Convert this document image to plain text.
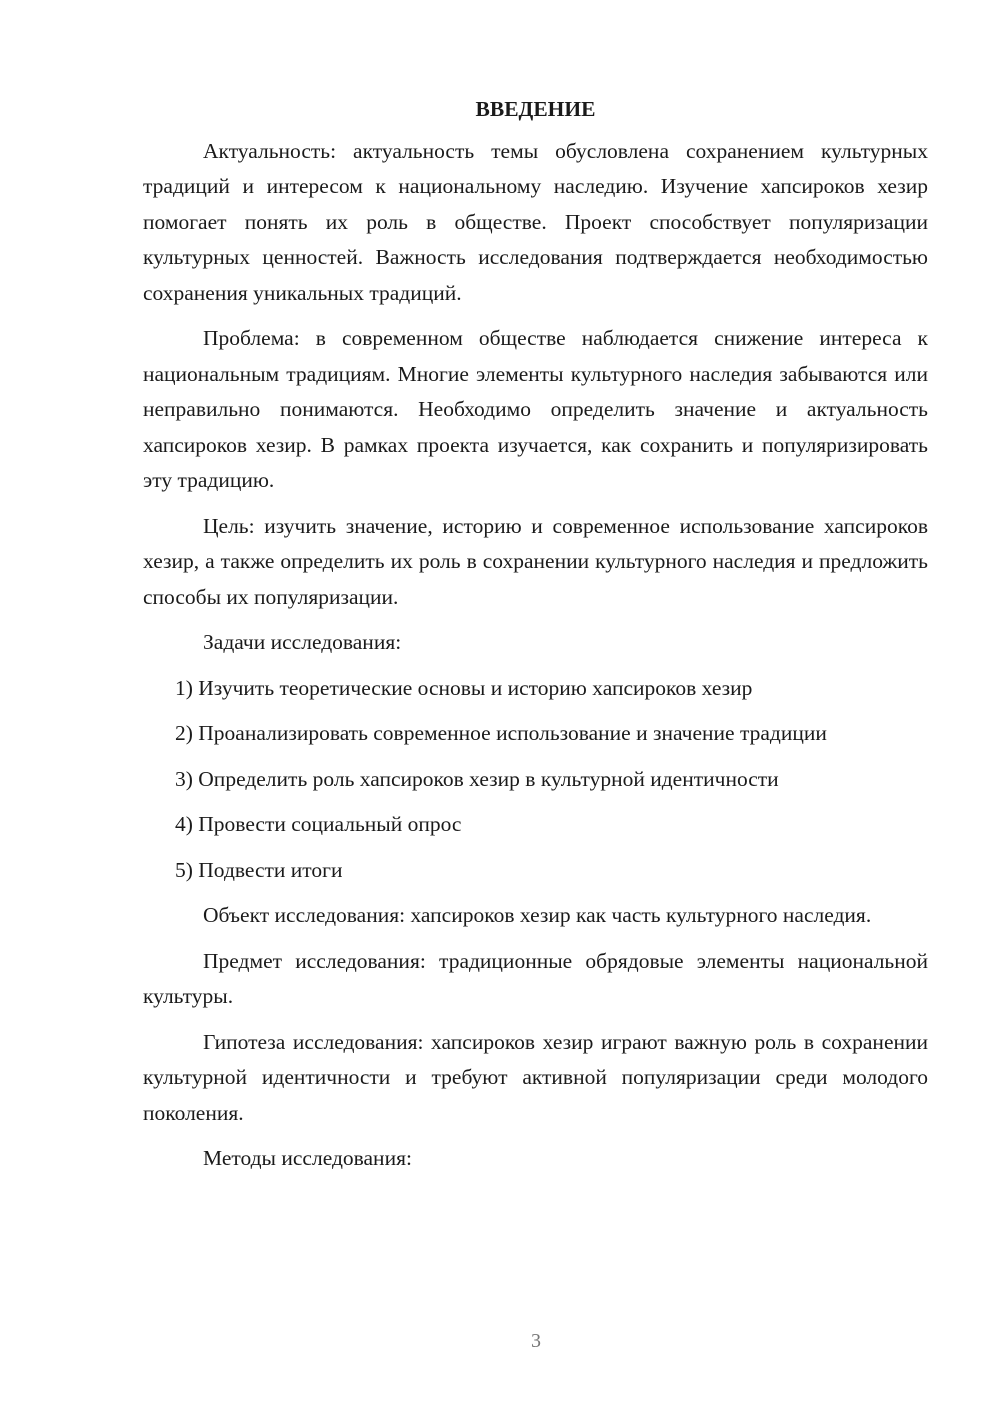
ВВЕДЕНИЕ

Актуальность: актуальность темы обусловлена сохранением культурных традиций и интересом к национальному наследию. Изучение хапсироков хезир помогает понять их роль в обществе. Проект способствует популяризации культурных ценностей. Важность исследования подтверждается необходимостью сохранения уникальных традиций.

Проблема: в современном обществе наблюдается снижение интереса к национальным традициям. Многие элементы культурного наследия забываются или неправильно понимаются. Необходимо определить значение и актуальность хапсироков хезир. В рамках проекта изучается, как сохранить и популяризировать эту традицию.

Цель: изучить значение, историю и современное использование хапсироков хезир, а также определить их роль в сохранении культурного наследия и предложить способы их популяризации.

Задачи исследования:

1) Изучить теоретические основы и историю хапсироков хезир

2) Проанализировать современное использование и значение традиции

3) Определить роль хапсироков хезир в культурной идентичности

4) Провести социальный опрос

5) Подвести итоги

Объект исследования: хапсироков хезир как часть культурного наследия.

Предмет исследования: традиционные обрядовые элементы национальной культуры.

Гипотеза исследования: хапсироков хезир играют важную роль в сохранении культурной идентичности и требуют активной популяризации среди молодого поколения.

Методы исследования:

3
